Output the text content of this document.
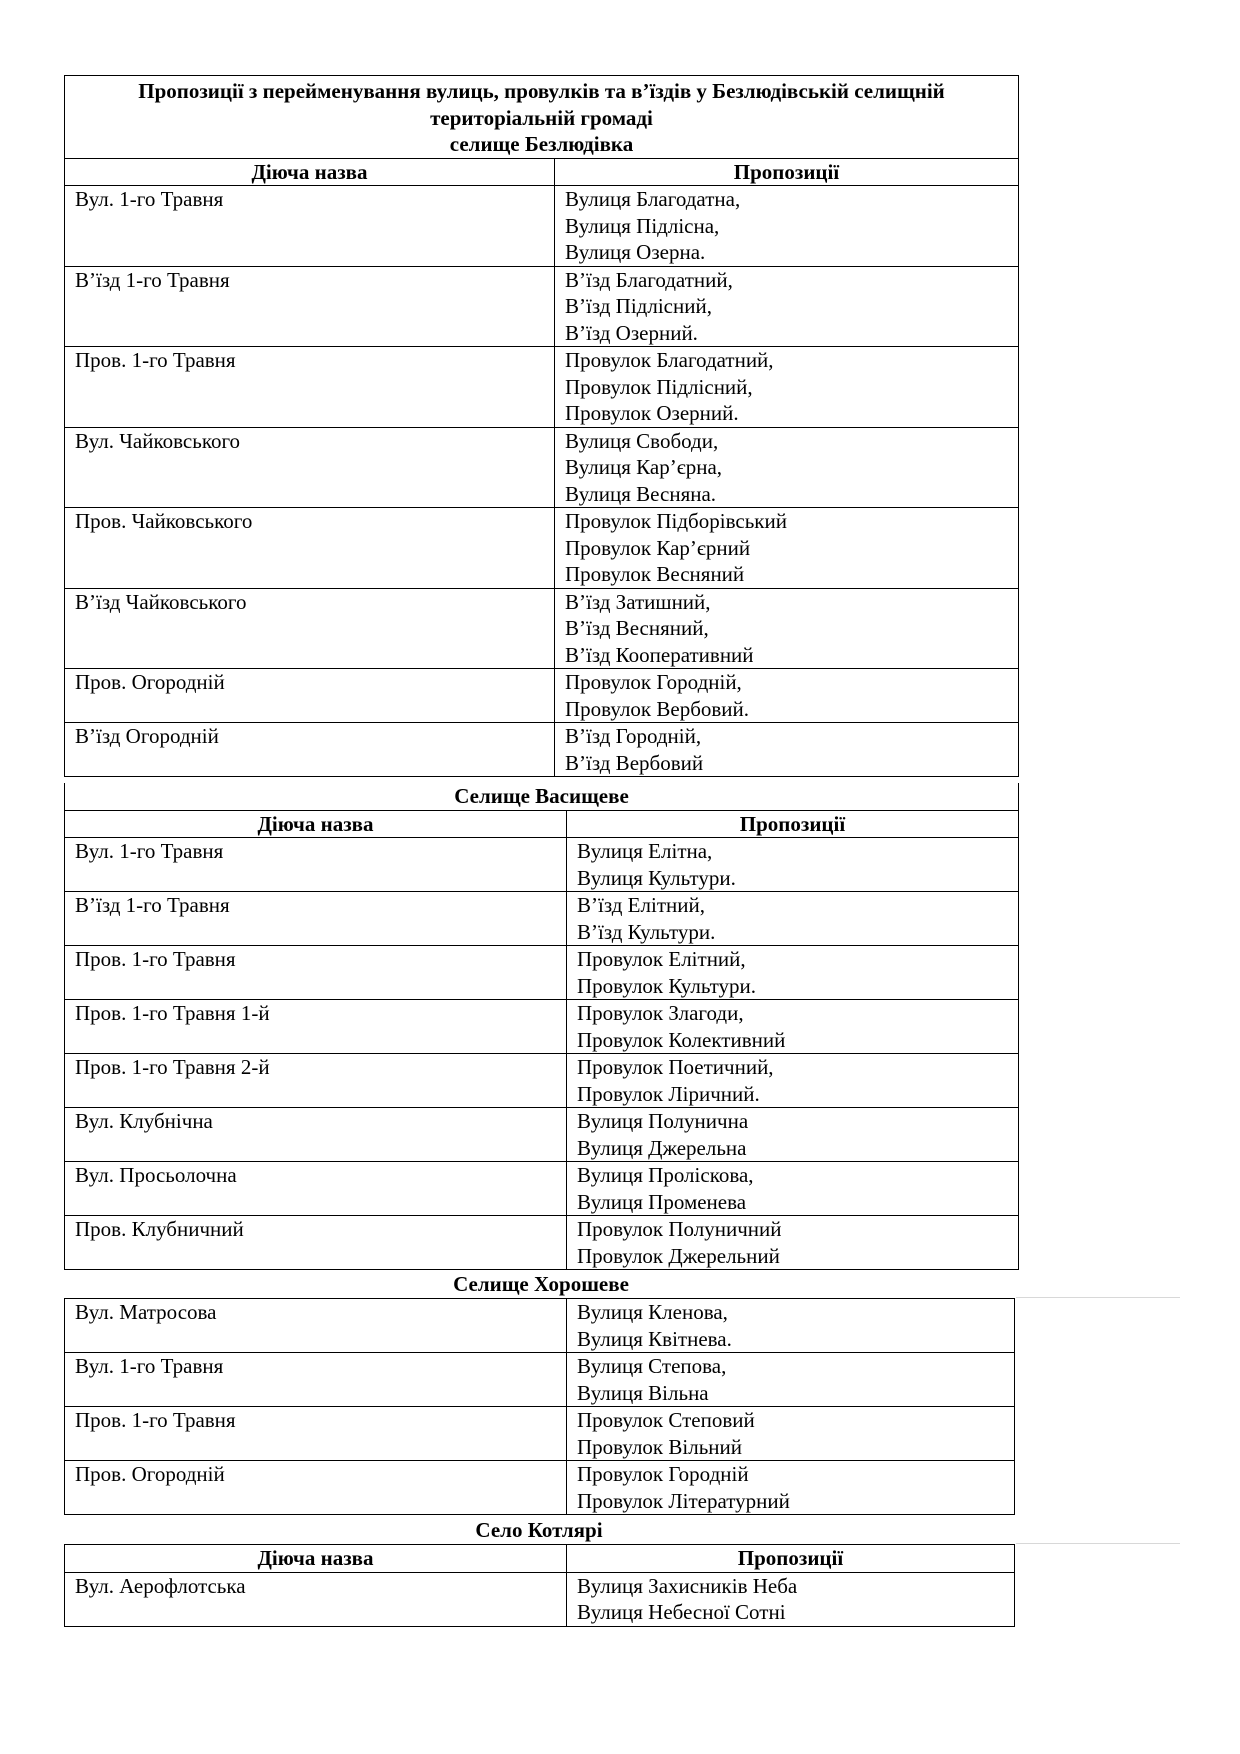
Пропозиції з перейменування вулиць, провулків та в’їздів у Безлюдівській селищній
територіальній громаді
селище Безлюдівка	

Діюча назва	Пропозиції
Вул. 1-го Травня	Вулиця Благодатна,
Вулиця Підлісна,
Вулиця Озерна.

В’їзд 1-го Травня	В’їзд Благодатний,
В’їзд Підлісний,
В’їзд Озерний.

Пров. 1-го Травня	Провулок Благодатний,
Провулок Підлісний,
Провулок Озерний.

Вул. Чайковського	Вулиця Свободи,
Вулиця Кар’єрна,
Вулиця Весняна.

Пров. Чайковського	Провулок Підборівський
Провулок Кар’єрний
Провулок Весняний

В’їзд Чайковського	В’їзд Затишний,
В’їзд Весняний,
В’їзд Кооперативний

Пров. Огородній	Провулок Городній,
Провулок Вербовий.

В’їзд Огородній	В’їзд Городній,
В’їзд Вербовий
Селище Васищеве	
Діюча назва	Пропозиції
Вул. 1-го Травня	Вулиця Елітна,
Вулиця Культури.

В’їзд 1-го Травня	В’їзд Елітний,
В’їзд Культури.

Пров. 1-го Травня	Провулок Елітний,
Провулок Культури.

Пров. 1-го Травня 1-й	Провулок Злагоди,
Провулок Колективний

Пров. 1-го Травня 2-й	Провулок Поетичний,
Провулок Ліричний.

Вул. Клубнічна	Вулиця Полунична
Вулиця Джерельна

Вул. Просьолочна	Вулиця Пролiскова,
Вулиця Променева

Пров. Клубничний	Провулок Полуничний
Провулок Джерельний
Селище Хорошеве
Вул. Матросова	Вулиця Кленова,
Вулиця Квітнева.

Вул. 1-го Травня	Вулиця Степова,
Вулиця Вільна

Пров. 1-го Травня	Провулок Степовий
Провулок Вільний

Пров. Огородній	Провулок Городній
Провулок Літературний
Село Котлярі
Діюча назва	Пропозиції
Вул. Аерофлотська	Вулиця Захисників Неба
Вулиця Небесної Сотні
